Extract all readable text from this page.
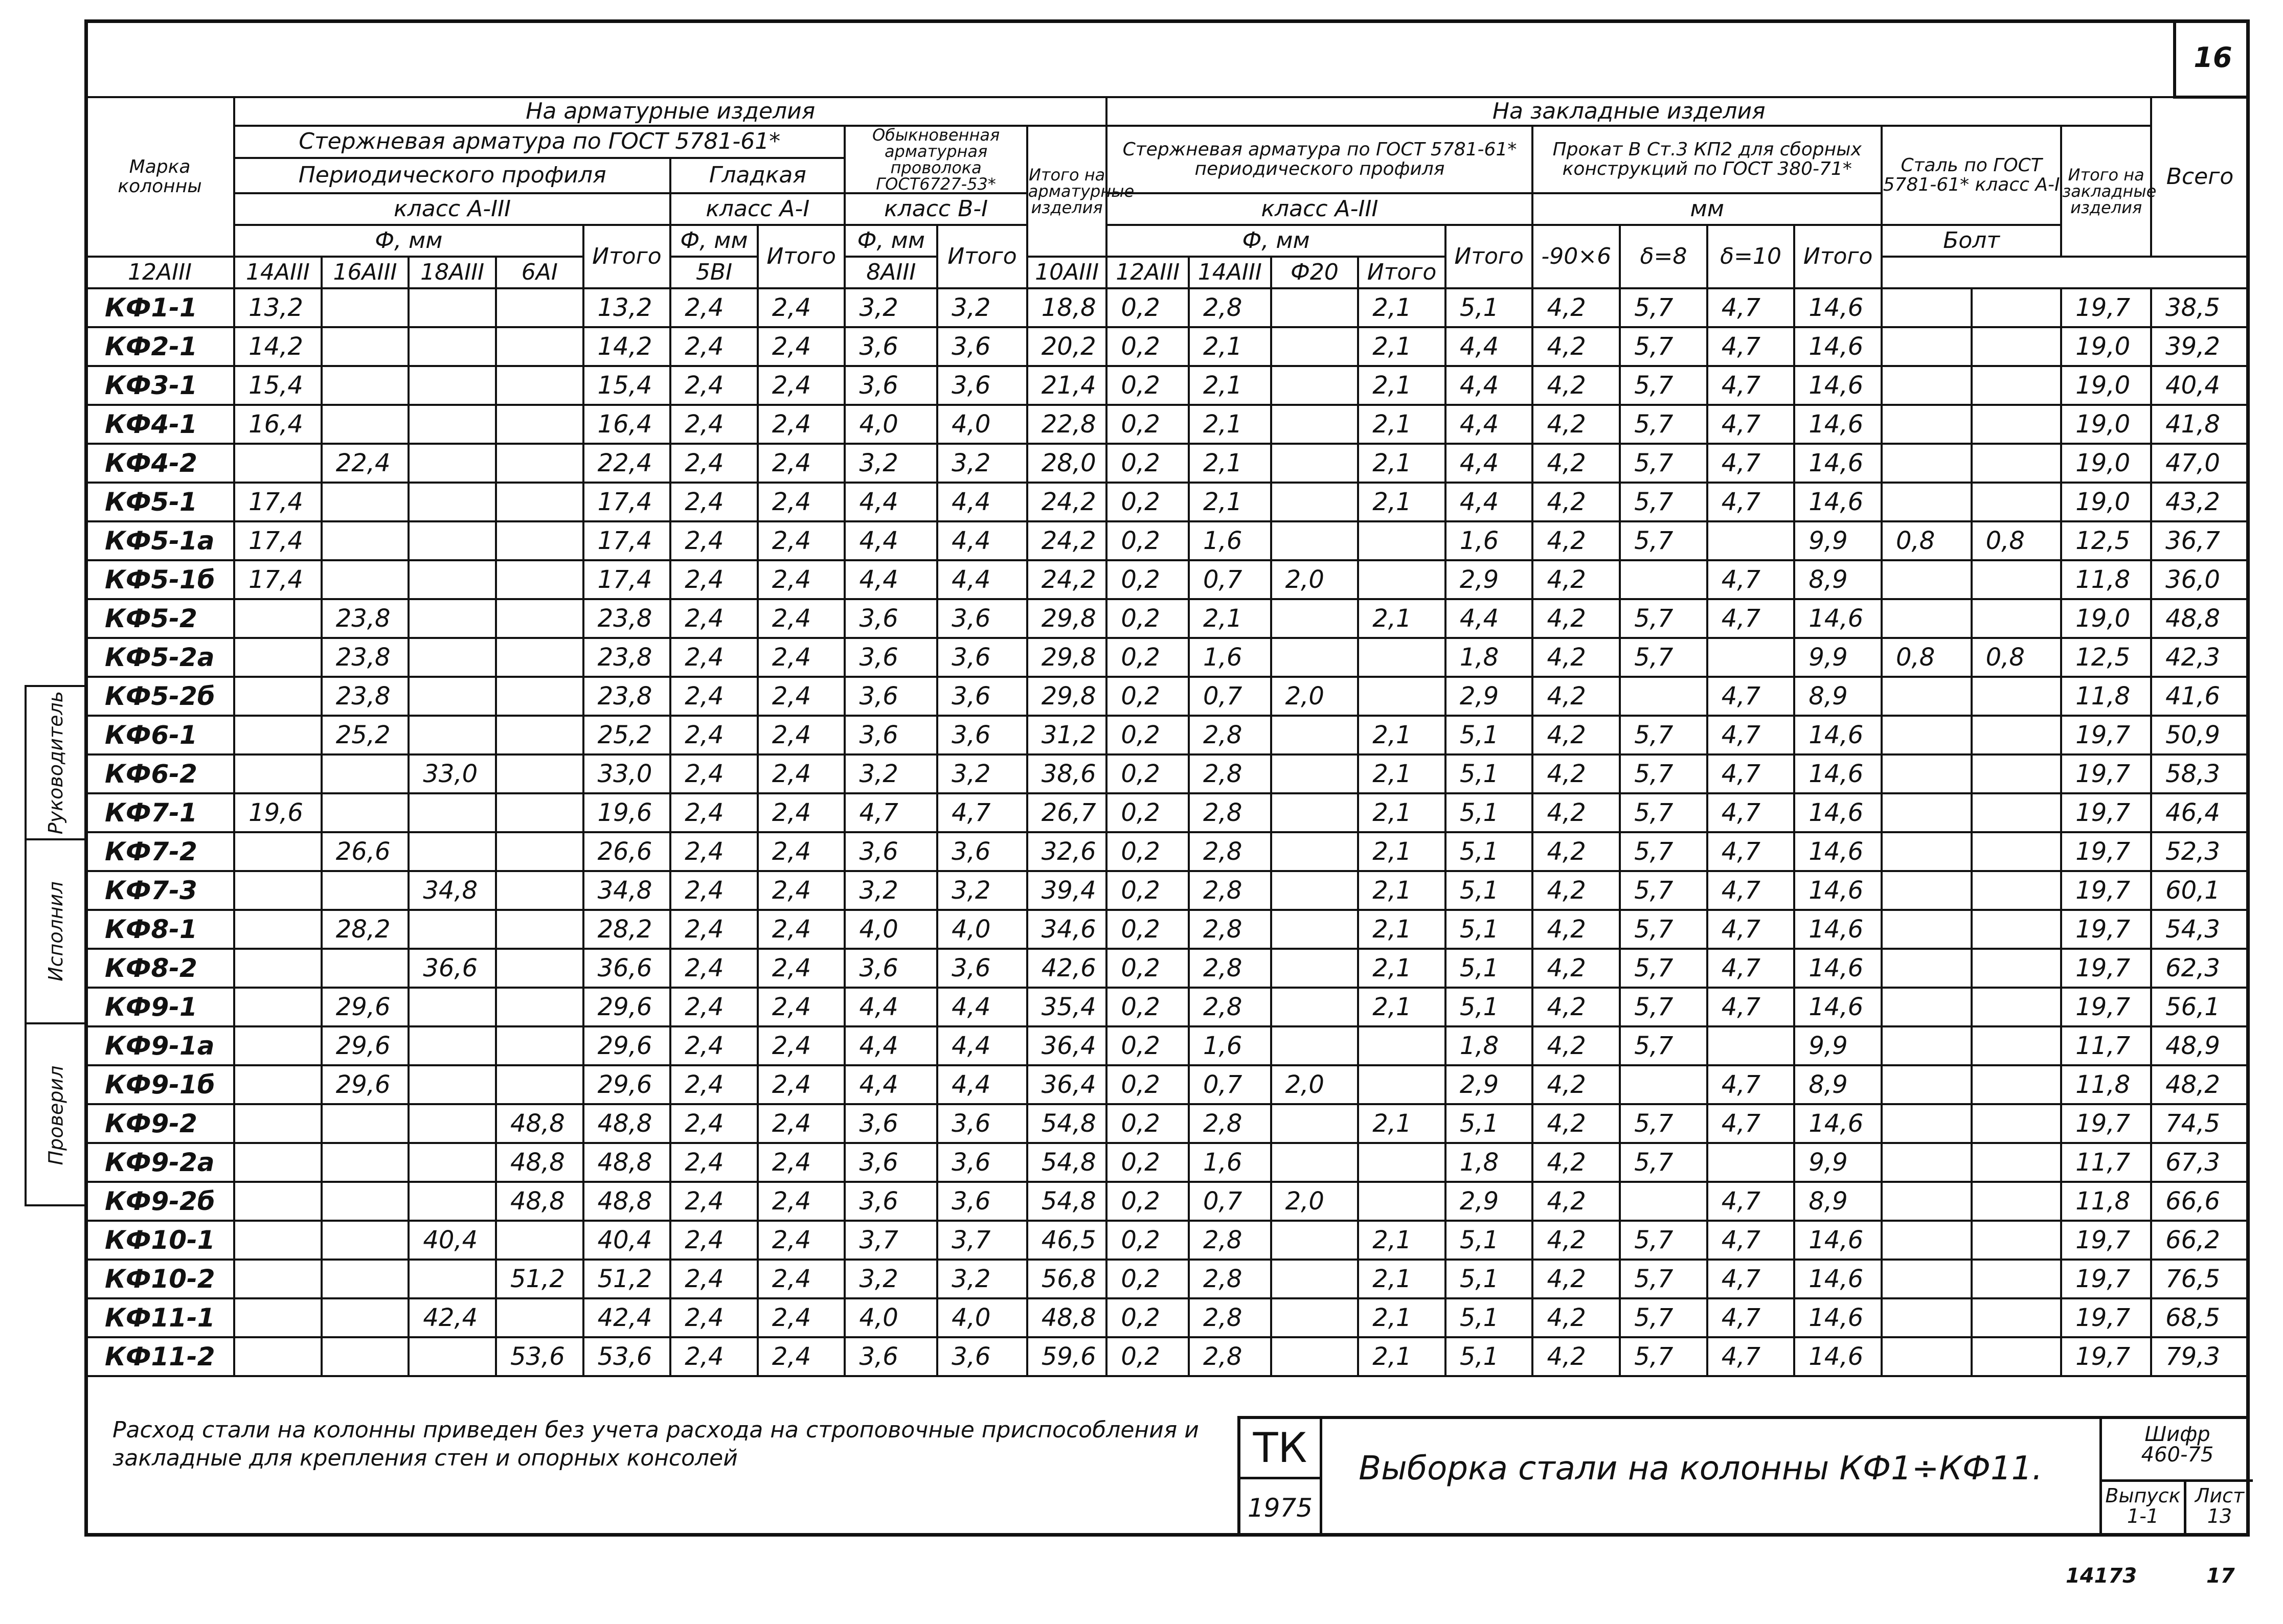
16
Руководитель
Исполнил
Проверил
Марка колонны	На арматурные изделия										На закладные изделия												Всего
	Стержневая арматура по ГОСТ 5781-61*							Обыкновенная арматурная проволока ГОСТ6727-53*		Итого на арматурные изделия	Стержневая арматура по ГОСТ 5781-61* периодического профиля					Прокат В Ст.3 КП2 для сборных конструкций по ГОСТ 380-71*				Сталь по ГОСТ 5781-61* класс А-I		Итого на закладные изделия	
	Периодического профиля					Гладкая																	
	класс А-III					класс А-I		класс В-I			класс А-III					мм							
	Ф, мм				Итого	Ф, мм	Итого	Ф, мм	Итого		Ф, мм				Итого	-90×6	δ=8	δ=10	Итого	Болт			
12АIII	14АIII	16АIII	18АIII	6АI		5ВI		8АIII		10АIII	12АIII	14АIII	Ф20	Итого									
КФ1-1	13,2				13,2	2,4	2,4	3,2	3,2	18,8	0,2	2,8		2,1	5,1	4,2	5,7	4,7	14,6			19,7	38,5
КФ2-1	14,2				14,2	2,4	2,4	3,6	3,6	20,2	0,2	2,1		2,1	4,4	4,2	5,7	4,7	14,6			19,0	39,2
КФ3-1	15,4				15,4	2,4	2,4	3,6	3,6	21,4	0,2	2,1		2,1	4,4	4,2	5,7	4,7	14,6			19,0	40,4
КФ4-1	16,4				16,4	2,4	2,4	4,0	4,0	22,8	0,2	2,1		2,1	4,4	4,2	5,7	4,7	14,6			19,0	41,8
КФ4-2		22,4			22,4	2,4	2,4	3,2	3,2	28,0	0,2	2,1		2,1	4,4	4,2	5,7	4,7	14,6			19,0	47,0
КФ5-1	17,4				17,4	2,4	2,4	4,4	4,4	24,2	0,2	2,1		2,1	4,4	4,2	5,7	4,7	14,6			19,0	43,2
КФ5-1а	17,4				17,4	2,4	2,4	4,4	4,4	24,2	0,2	1,6			1,6	4,2	5,7		9,9	0,8	0,8	12,5	36,7
КФ5-1б	17,4				17,4	2,4	2,4	4,4	4,4	24,2	0,2	0,7	2,0		2,9	4,2		4,7	8,9			11,8	36,0
КФ5-2		23,8			23,8	2,4	2,4	3,6	3,6	29,8	0,2	2,1		2,1	4,4	4,2	5,7	4,7	14,6			19,0	48,8
КФ5-2а		23,8			23,8	2,4	2,4	3,6	3,6	29,8	0,2	1,6			1,8	4,2	5,7		9,9	0,8	0,8	12,5	42,3
КФ5-2б		23,8			23,8	2,4	2,4	3,6	3,6	29,8	0,2	0,7	2,0		2,9	4,2		4,7	8,9			11,8	41,6
КФ6-1		25,2			25,2	2,4	2,4	3,6	3,6	31,2	0,2	2,8		2,1	5,1	4,2	5,7	4,7	14,6			19,7	50,9
КФ6-2			33,0		33,0	2,4	2,4	3,2	3,2	38,6	0,2	2,8		2,1	5,1	4,2	5,7	4,7	14,6			19,7	58,3
КФ7-1	19,6				19,6	2,4	2,4	4,7	4,7	26,7	0,2	2,8		2,1	5,1	4,2	5,7	4,7	14,6			19,7	46,4
КФ7-2		26,6			26,6	2,4	2,4	3,6	3,6	32,6	0,2	2,8		2,1	5,1	4,2	5,7	4,7	14,6			19,7	52,3
КФ7-3			34,8		34,8	2,4	2,4	3,2	3,2	39,4	0,2	2,8		2,1	5,1	4,2	5,7	4,7	14,6			19,7	60,1
КФ8-1		28,2			28,2	2,4	2,4	4,0	4,0	34,6	0,2	2,8		2,1	5,1	4,2	5,7	4,7	14,6			19,7	54,3
КФ8-2			36,6		36,6	2,4	2,4	3,6	3,6	42,6	0,2	2,8		2,1	5,1	4,2	5,7	4,7	14,6			19,7	62,3
КФ9-1		29,6			29,6	2,4	2,4	4,4	4,4	35,4	0,2	2,8		2,1	5,1	4,2	5,7	4,7	14,6			19,7	56,1
КФ9-1а		29,6			29,6	2,4	2,4	4,4	4,4	36,4	0,2	1,6			1,8	4,2	5,7		9,9			11,7	48,9
КФ9-1б		29,6			29,6	2,4	2,4	4,4	4,4	36,4	0,2	0,7	2,0		2,9	4,2		4,7	8,9			11,8	48,2
КФ9-2				48,8	48,8	2,4	2,4	3,6	3,6	54,8	0,2	2,8		2,1	5,1	4,2	5,7	4,7	14,6			19,7	74,5
КФ9-2а				48,8	48,8	2,4	2,4	3,6	3,6	54,8	0,2	1,6			1,8	4,2	5,7		9,9			11,7	67,3
КФ9-2б				48,8	48,8	2,4	2,4	3,6	3,6	54,8	0,2	0,7	2,0		2,9	4,2		4,7	8,9			11,8	66,6
КФ10-1			40,4		40,4	2,4	2,4	3,7	3,7	46,5	0,2	2,8		2,1	5,1	4,2	5,7	4,7	14,6			19,7	66,2
КФ10-2				51,2	51,2	2,4	2,4	3,2	3,2	56,8	0,2	2,8		2,1	5,1	4,2	5,7	4,7	14,6			19,7	76,5
КФ11-1			42,4		42,4	2,4	2,4	4,0	4,0	48,8	0,2	2,8		2,1	5,1	4,2	5,7	4,7	14,6			19,7	68,5
КФ11-2				53,6	53,6	2,4	2,4	3,6	3,6	59,6	0,2	2,8		2,1	5,1	4,2	5,7	4,7	14,6			19,7	79,3
Расход стали на колонны приведен без учета расхода на строповочные приспособления и закладные для крепления стен и опорных консолей	ТК
1975
Выборка стали на колонны КФ1÷КФ11.
Шифр
460-75
Выпуск
1-1
Лист
13
14173	17
